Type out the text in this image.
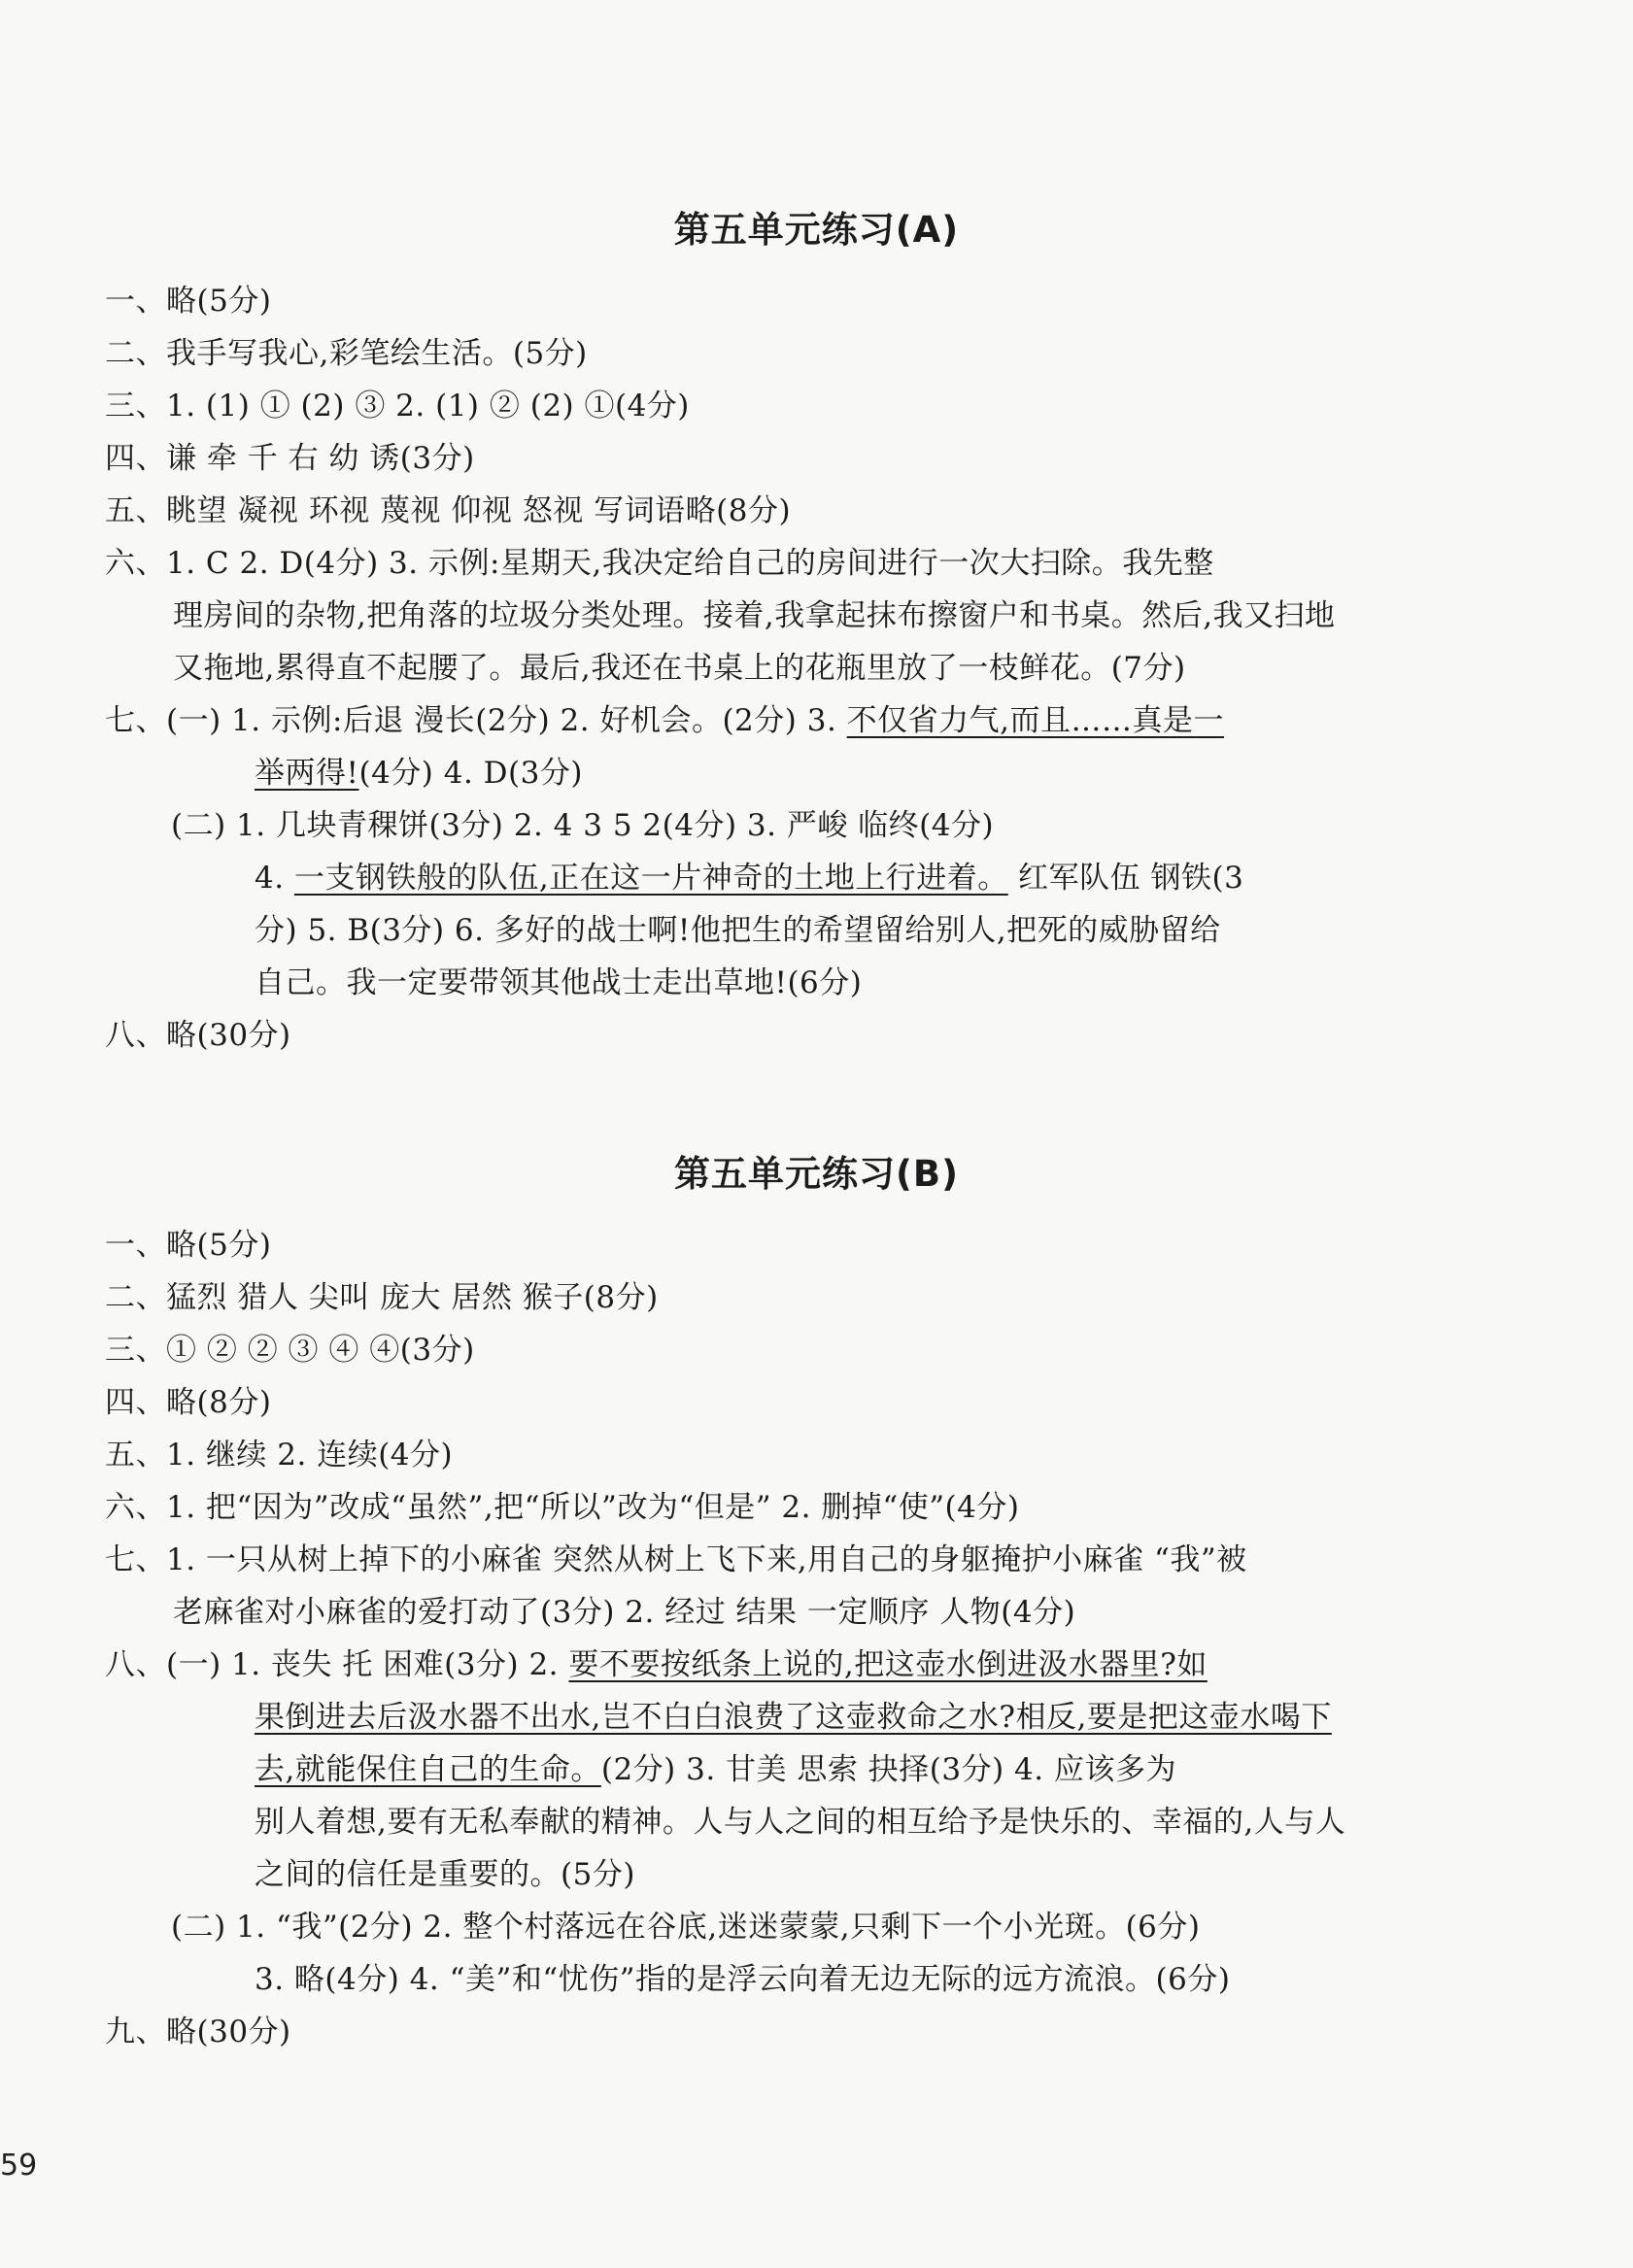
第五单元练习(A)
一、略(5分)
二、我手写我心,彩笔绘生活。(5分)
三、1. (1) ① (2) ③ 2. (1) ② (2) ①(4分)
四、谦 牵 千 右 幼 诱(3分)
五、眺望 凝视 环视 蔑视 仰视 怒视 写词语略(8分)
六、1. C 2. D(4分) 3. 示例:星期天,我决定给自己的房间进行一次大扫除。我先整
理房间的杂物,把角落的垃圾分类处理。接着,我拿起抹布擦窗户和书桌。然后,我又扫地
又拖地,累得直不起腰了。最后,我还在书桌上的花瓶里放了一枝鲜花。(7分)
七、(一) 1. 示例:后退 漫长(2分) 2. 好机会。(2分) 3. 不仅省力气,而且……真是一
举两得!(4分) 4. D(3分)
(二) 1. 几块青稞饼(3分) 2. 4 3 5 2(4分) 3. 严峻 临终(4分)
4. 一支钢铁般的队伍,正在这一片神奇的土地上行进着。 红军队伍 钢铁(3
分) 5. B(3分) 6. 多好的战士啊!他把生的希望留给别人,把死的威胁留给
自己。我一定要带领其他战士走出草地!(6分)
八、略(30分)
第五单元练习(B)
一、略(5分)
二、猛烈 猎人 尖叫 庞大 居然 猴子(8分)
三、① ② ② ③ ④ ④(3分)
四、略(8分)
五、1. 继续 2. 连续(4分)
六、1. 把“因为”改成“虽然”,把“所以”改为“但是” 2. 删掉“使”(4分)
七、1. 一只从树上掉下的小麻雀 突然从树上飞下来,用自己的身躯掩护小麻雀 “我”被
老麻雀对小麻雀的爱打动了(3分) 2. 经过 结果 一定顺序 人物(4分)
八、(一) 1. 丧失 托 困难(3分) 2. 要不要按纸条上说的,把这壶水倒进汲水器里?如
果倒进去后汲水器不出水,岂不白白浪费了这壶救命之水?相反,要是把这壶水喝下
去,就能保住自己的生命。(2分) 3. 甘美 思索 抉择(3分) 4. 应该多为
别人着想,要有无私奉献的精神。人与人之间的相互给予是快乐的、幸福的,人与人
之间的信任是重要的。(5分)
(二) 1. “我”(2分) 2. 整个村落远在谷底,迷迷蒙蒙,只剩下一个小光斑。(6分)
3. 略(4分) 4. “美”和“忧伤”指的是浮云向着无边无际的远方流浪。(6分)
九、略(30分)
59
